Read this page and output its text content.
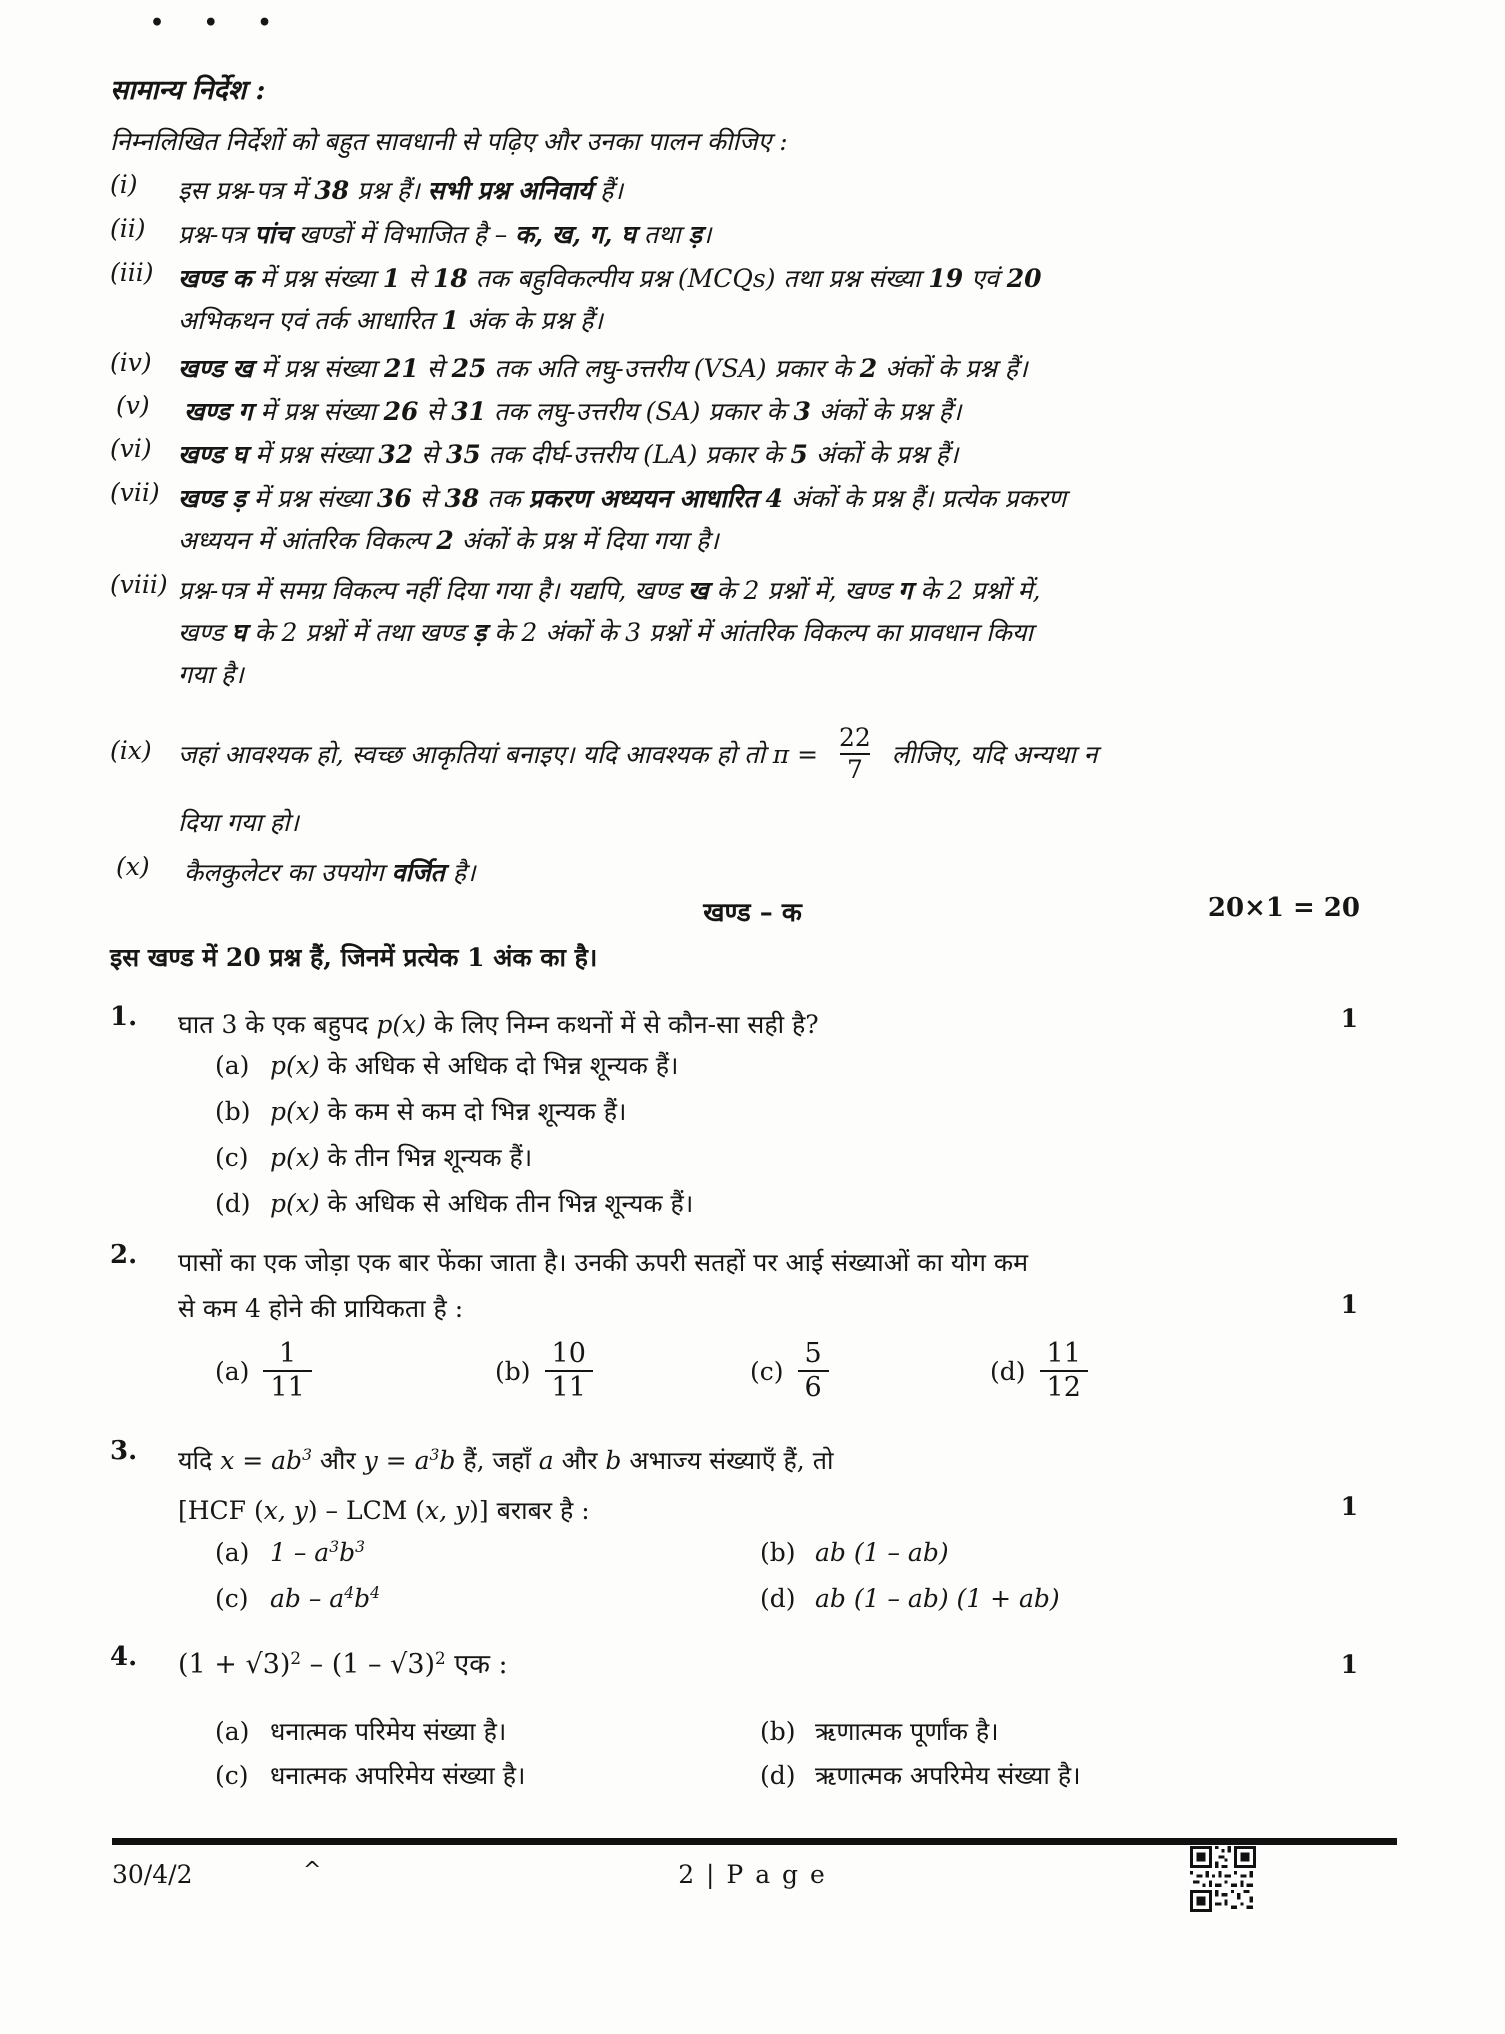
• • •
सामान्य निर्देश :
निम्नलिखित निर्देशों को बहुत सावधानी से पढ़िए और उनका पालन कीजिए :
(i)	इस प्रश्न-पत्र में 38 प्रश्न हैं। सभी प्रश्न अनिवार्य हैं।
(ii)	प्रश्न-पत्र पांच खण्डों में विभाजित है – क, ख, ग, घ तथा ड़।
(iii) खण्ड क में प्रश्न संख्या 1 से 18 तक बहुविकल्पीय प्रश्न (MCQs) तथा प्रश्न संख्या 19 एवं 20
अभिकथन एवं तर्क आधारित 1 अंक के प्रश्न हैं।
(iv)	खण्ड ख में प्रश्न संख्या 21 से 25 तक अति लघु-उत्तरीय (VSA) प्रकार के 2 अंकों के प्रश्न हैं।
(v)	खण्ड ग में प्रश्न संख्या 26 से 31 तक लघु-उत्तरीय (SA) प्रकार के 3 अंकों के प्रश्न हैं।
(vi)	खण्ड घ में प्रश्न संख्या 32 से 35 तक दीर्घ-उत्तरीय (LA) प्रकार के 5 अंकों के प्रश्न हैं।
(vii) खण्ड ड़ में प्रश्न संख्या 36 से 38 तक प्रकरण अध्ययन आधारित 4 अंकों के प्रश्न हैं। प्रत्येक प्रकरण
अध्ययन में आंतरिक विकल्प 2 अंकों के प्रश्न में दिया गया है।
(viii) प्रश्न-पत्र में समग्र विकल्प नहीं दिया गया है। यद्यपि, खण्ड ख के 2 प्रश्नों में, खण्ड ग के 2 प्रश्नों में,
खण्ड घ के 2 प्रश्नों में तथा खण्ड ड़ के 2 अंकों के 3 प्रश्नों में आंतरिक विकल्प का प्रावधान किया
गया है।
(ix)	जहां आवश्यक हो, स्वच्छ आकृतियां बनाइए। यदि आवश्यक हो तो $\pi = \frac{22}{7}$ लीजिए, यदि अन्यथा न
दिया गया हो।
(x)	कैलकुलेटर का उपयोग वर्जित है।
खण्ड – क	20×1 = 20
इस खण्ड में 20 प्रश्न हैं, जिनमें प्रत्येक 1 अंक का है।
1.	घात 3 के एक बहुपद p(x) के लिए निम्न कथनों में से कौन-सा सही है?	1
(a) p(x) के अधिक से अधिक दो भिन्न शून्यक हैं।
(b) p(x) के कम से कम दो भिन्न शून्यक हैं।
(c) p(x) के तीन भिन्न शून्यक हैं।
(d) p(x) के अधिक से अधिक तीन भिन्न शून्यक हैं।
2.	पासों का एक जोड़ा एक बार फेंका जाता है। उनकी ऊपरी सतहों पर आई संख्याओं का योग कम
से कम 4 होने की प्रायिकता है :	1
$(a) \frac{1}{11}$	$(b) \frac{10}{11}$	$(c) \frac{5}{6}$	$(d) \frac{11}{12}$
3.	यदि $x = ab^3$ और $y = a^3b$ हैं, जहाँ a और b अभाज्य संख्याएँ हैं, तो
[HCF (x, y) – LCM (x, y)] बराबर है :	1
(a) $1 - a^3b^3$	(b) ab (1 – ab)
(c) ab – $a^4b^4$	(d) ab (1 – ab) (1 + ab)
4.	$(1 + √3)^2 - (1 - √3)^2$ एक :	1
(a) धनात्मक परिमेय संख्या है।	(b) ऋणात्मक पूर्णांक है।
(c) धनात्मक अपरिमेय संख्या है।	(d) ऋणात्मक अपरिमेय संख्या है।
30/4/2	^	2 | P a g e
